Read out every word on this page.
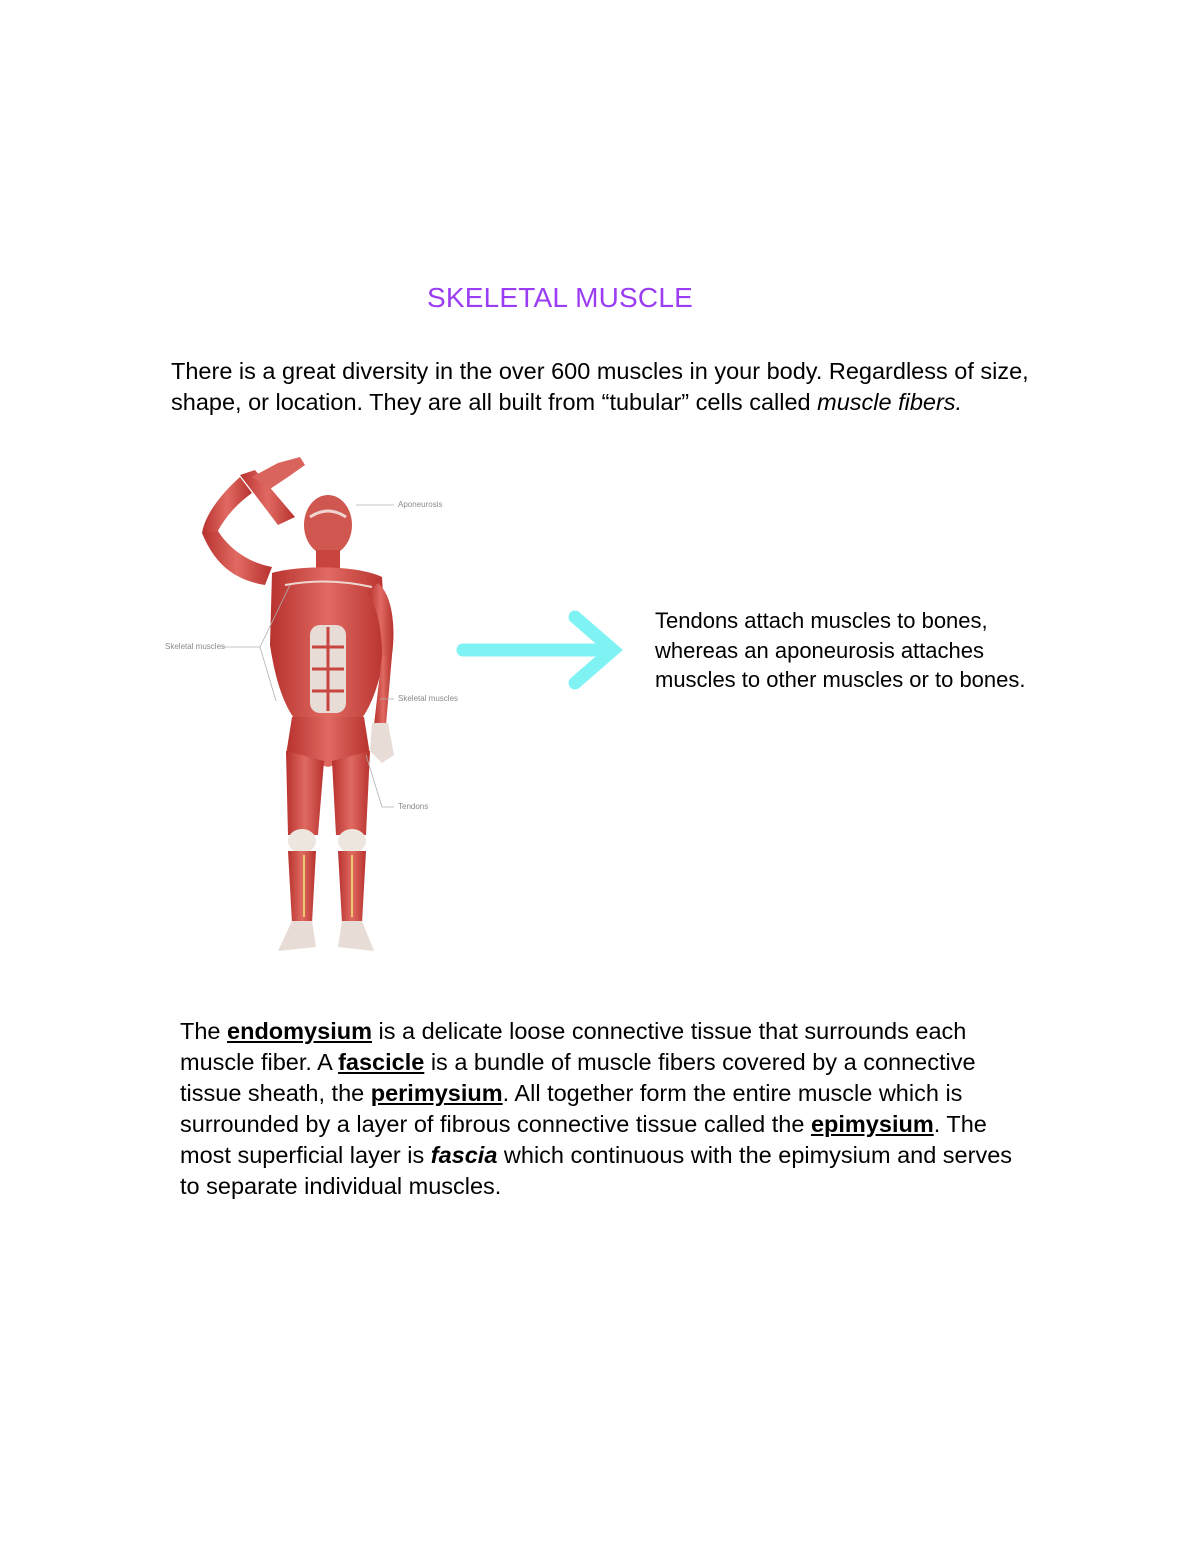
SKELETAL MUSCLE
There is a great diversity in the over 600 muscles in your body. Regardless of size, shape, or location. They are all built from “tubular” cells called muscle fibers.
Aponeurosis
Skeletal muscles
Skeletal muscles
Tendons
Tendons attach muscles to bones, whereas an aponeurosis attaches muscles to other muscles or to bones.
The endomysium is a delicate loose connective tissue that surrounds each muscle fiber. A fascicle is a bundle of muscle fibers covered by a connective tissue sheath, the perimysium. All together form the entire muscle which is surrounded by a layer of fibrous connective tissue called the epimysium. The most superficial layer is fascia which continuous with the epimysium and serves to separate individual muscles.
